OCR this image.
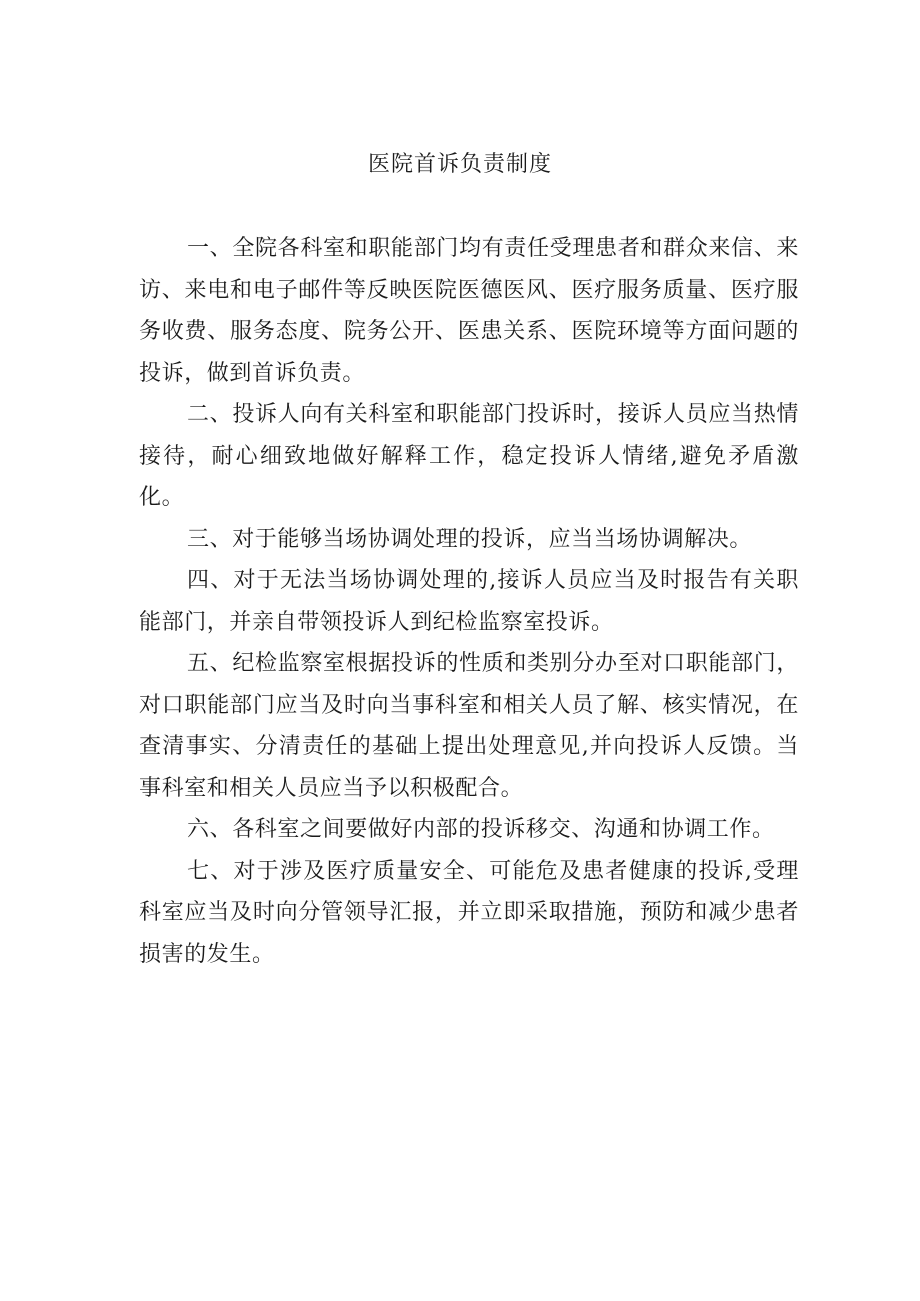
医院首诉负责制度

一、全院各科室和职能部门均有责任受理患者和群众来信、来访、来电和电子邮件等反映医院医德医风、医疗服务质量、医疗服务收费、服务态度、院务公开、医患关系、医院环境等方面问题的投诉，做到首诉负责。

二、投诉人向有关科室和职能部门投诉时，接诉人员应当热情接待，耐心细致地做好解释工作，稳定投诉人情绪,避免矛盾激化。

三、对于能够当场协调处理的投诉，应当当场协调解决。

四、对于无法当场协调处理的,接诉人员应当及时报告有关职能部门，并亲自带领投诉人到纪检监察室投诉。

五、纪检监察室根据投诉的性质和类别分办至对口职能部门，对口职能部门应当及时向当事科室和相关人员了解、核实情况，在查清事实、分清责任的基础上提出处理意见,并向投诉人反馈。当事科室和相关人员应当予以积极配合。

六、各科室之间要做好内部的投诉移交、沟通和协调工作。

七、对于涉及医疗质量安全、可能危及患者健康的投诉,受理科室应当及时向分管领导汇报，并立即采取措施，预防和减少患者损害的发生。
